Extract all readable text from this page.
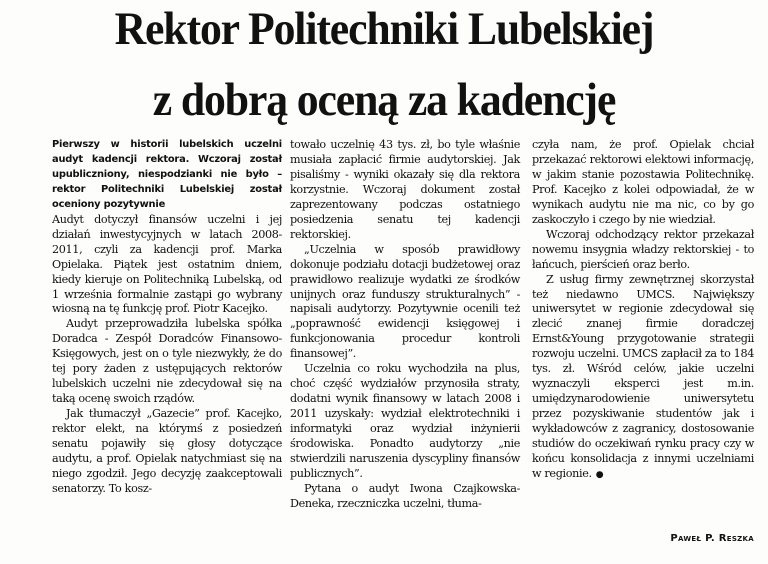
Rektor Politechniki Lubelskiej
z dobrą oceną za kadencję
Pierwszy w historii lubelskich uczelni audyt kadencji rektora. Wczoraj został upubliczniony, niespodzianki nie było – rektor Politechniki Lubelskiej został oceniony pozytywnie

Audyt dotyczył finansów uczelni i jej działań inwestycyjnych w latach 2008-2011, czyli za kadencji prof. Marka Opielaka. Piątek jest ostatnim dniem, kiedy kieruje on Politechniką Lubelską, od 1 września formalnie zastąpi go wybrany wiosną na tę funkcję prof. Piotr Kacejko.

Audyt przeprowadziła lubelska spółka Doradca - Zespół Doradców Finansowo-Księgowych, jest on o tyle niezwykły, że do tej pory żaden z ustępujących rektorów lubelskich uczelni nie zdecydował się na taką ocenę swoich rządów.

Jak tłumaczył „Gazecie” prof. Kacejko, rektor elekt, na którymś z posiedzeń senatu pojawiły się głosy dotyczące audytu, a prof. Opielak natychmiast się na niego zgodził. Jego decyzję zaakceptowali senatorzy. To kosz-

towało uczelnię 43 tys. zł, bo tyle właśnie musiała zapłacić firmie audytorskiej. Jak pisaliśmy - wyniki okazały się dla rektora korzystnie. Wczoraj dokument został zaprezentowany podczas ostatniego posiedzenia senatu tej kadencji rektorskiej.

„Uczelnia w sposób prawidłowy dokonuje podziału dotacji budżetowej oraz prawidłowo realizuje wydatki ze środków unijnych oraz funduszy strukturalnych” - napisali audytorzy. Pozytywnie ocenili też „poprawność ewidencji księgowej i funkcjonowania procedur kontroli finansowej”.

Uczelnia co roku wychodziła na plus, choć część wydziałów przynosiła straty, dodatni wynik finansowy w latach 2008 i 2011 uzyskały: wydział elektrotechniki i informatyki oraz wydział inżynierii środowiska. Ponadto audytorzy „nie stwierdzili naruszenia dyscypliny finansów publicznych”.

Pytana o audyt Iwona Czajkowska-Deneka, rzeczniczka uczelni, tłuma-

czyła nam, że prof. Opielak chciał przekazać rektorowi elektowi informację, w jakim stanie pozostawia Politechnikę. Prof. Kacejko z kolei odpowiadał, że w wynikach audytu nie ma nic, co by go zaskoczyło i czego by nie wiedział.

Wczoraj odchodzący rektor przekazał nowemu insygnia władzy rektorskiej - to łańcuch, pierścień oraz berło.

Z usług firmy zewnętrznej skorzystał też niedawno UMCS. Największy uniwersytet w regionie zdecydował się zlecić znanej firmie doradczej Ernst&Young przygotowanie strategii rozwoju uczelni. UMCS zapłacił za to 184 tys. zł. Wśród celów, jakie uczelni wyznaczyli eksperci jest m.in. umiędzynarodowienie uniwersytetu przez pozyskiwanie studentów jak i wykładowców z zagranicy, dostosowanie studiów do oczekiwań rynku pracy czy w końcu konsolidacja z innymi uczelniami w regionie. ●

Paweł P. Reszka
